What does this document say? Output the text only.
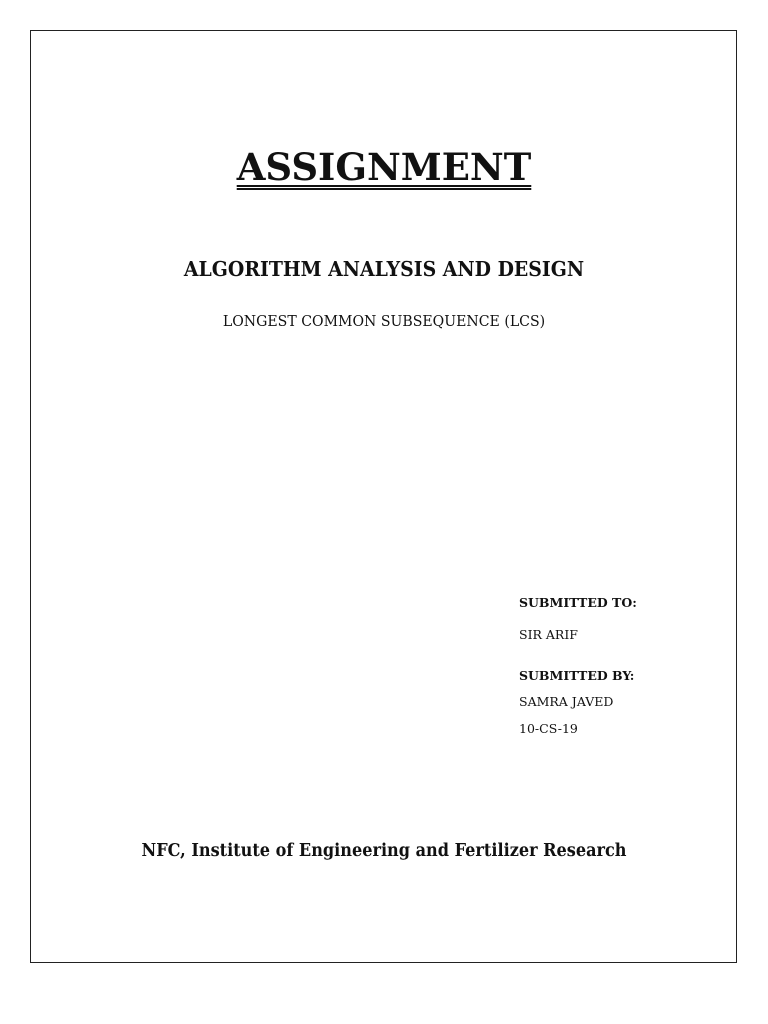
ASSIGNMENT
ALGORITHM ANALYSIS AND DESIGN
LONGEST COMMON SUBSEQUENCE (LCS)
SUBMITTED TO:
SIR ARIF
SUBMITTED BY:
SAMRA JAVED
10-CS-19
NFC, Institute of Engineering and Fertilizer Research
